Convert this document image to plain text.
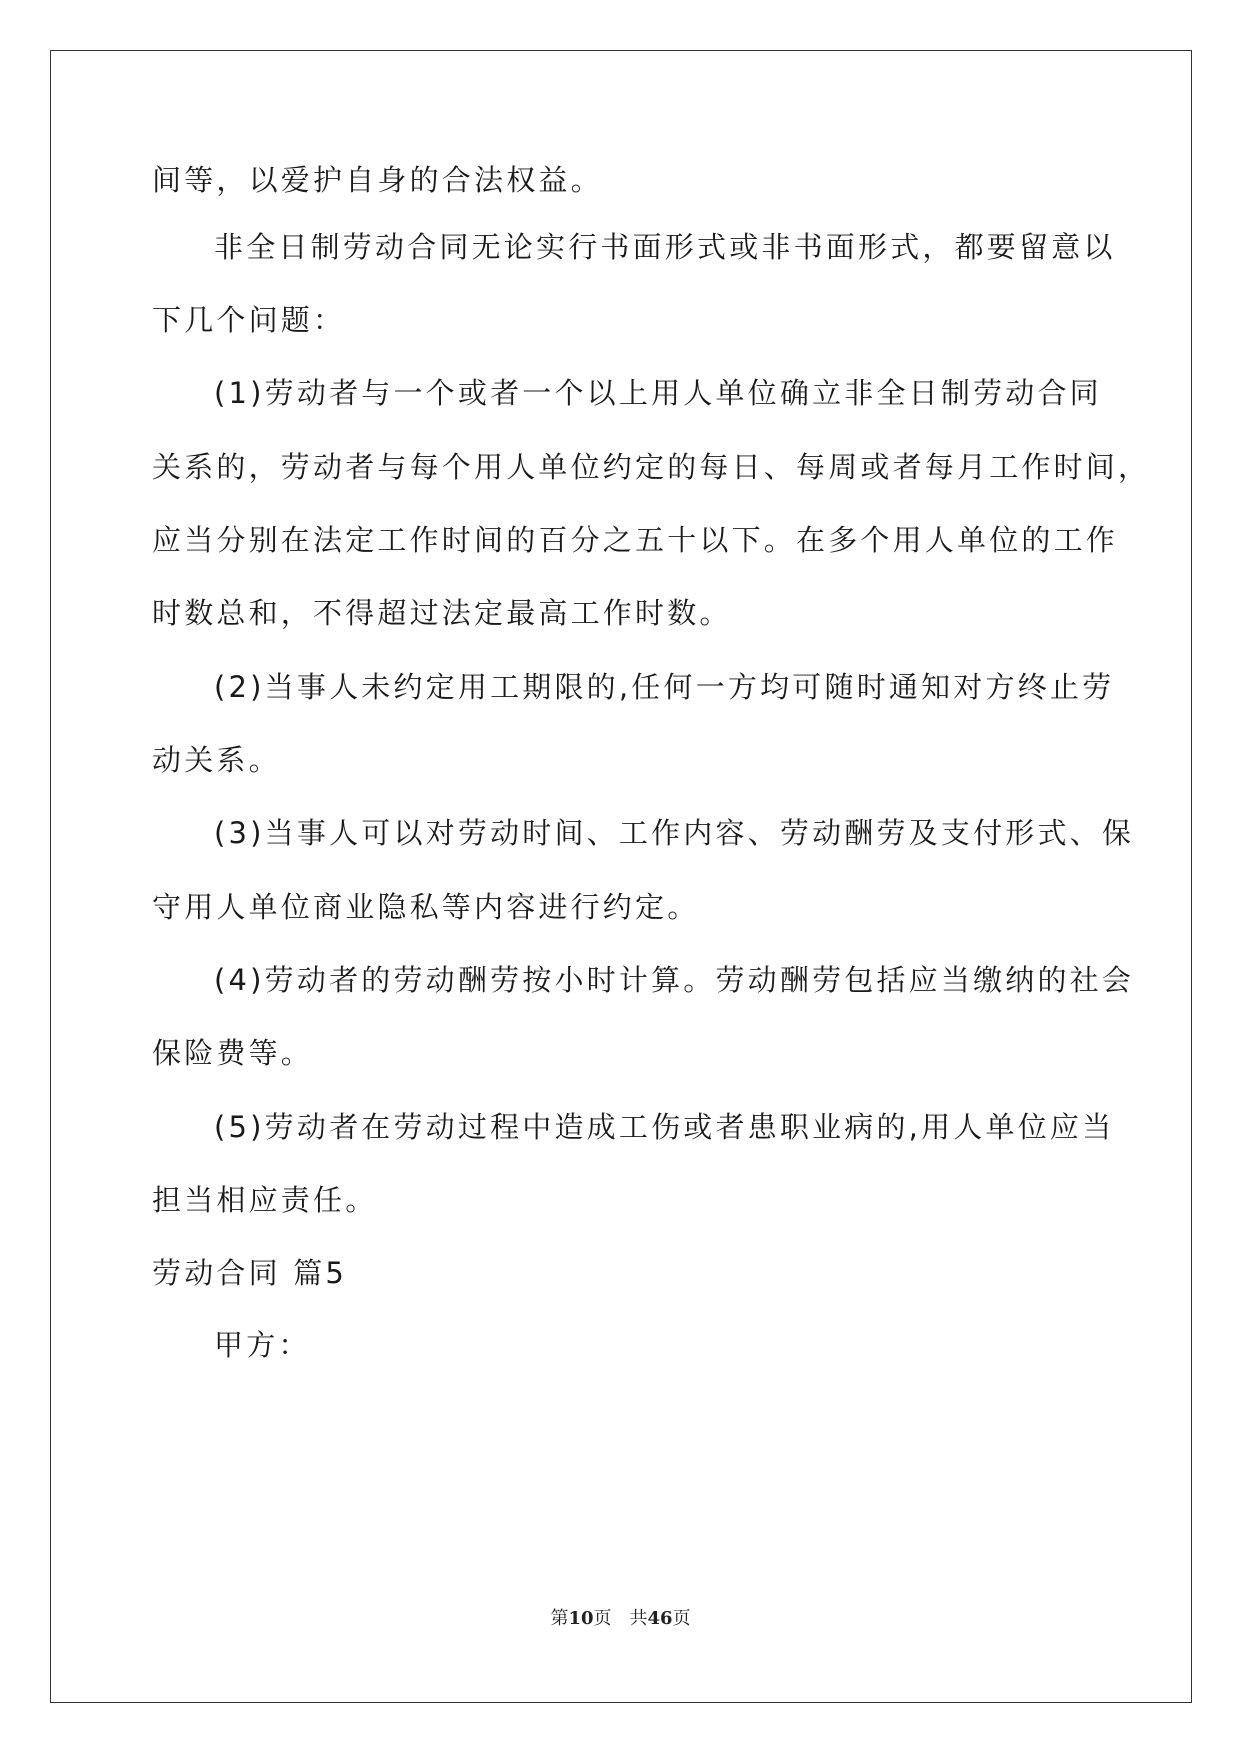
间等，以爱护自身的合法权益。
非全日制劳动合同无论实行书面形式或非书面形式，都要留意以
下几个问题：
(1)劳动者与一个或者一个以上用人单位确立非全日制劳动合同
关系的，劳动者与每个用人单位约定的每日、每周或者每月工作时间，
应当分别在法定工作时间的百分之五十以下。在多个用人单位的工作
时数总和，不得超过法定最高工作时数。
(2)当事人未约定用工期限的,任何一方均可随时通知对方终止劳
动关系。
(3)当事人可以对劳动时间、工作内容、劳动酬劳及支付形式、保
守用人单位商业隐私等内容进行约定。
(4)劳动者的劳动酬劳按小时计算。劳动酬劳包括应当缴纳的社会
保险费等。
(5)劳动者在劳动过程中造成工伤或者患职业病的,用人单位应当
担当相应责任。
劳动合同 篇5
甲方：
第10页 共46页
